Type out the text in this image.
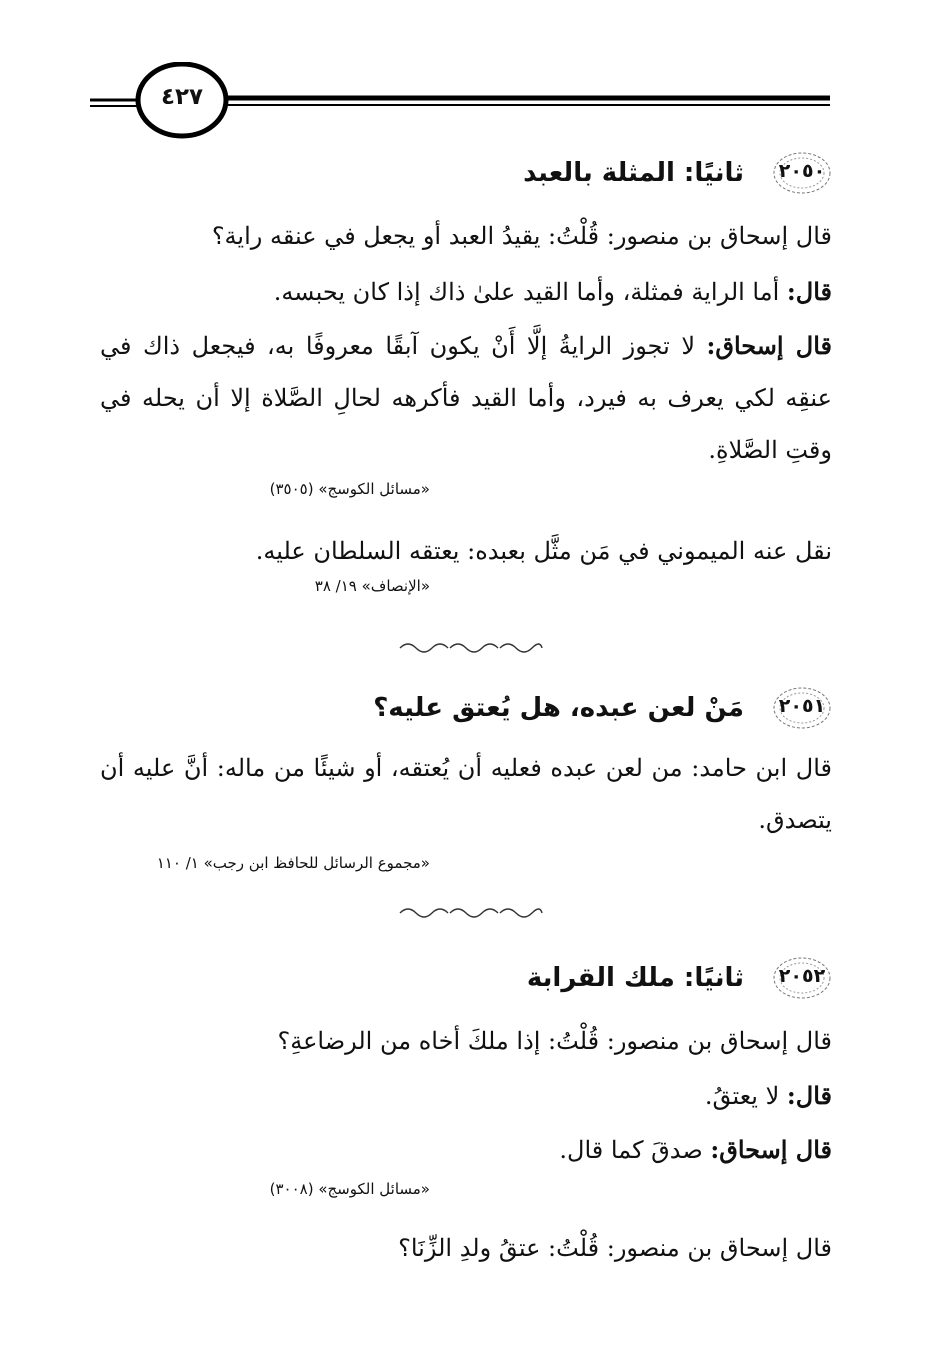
٤٢٧
٢٠٥٠
ثانيًا: المثلة بالعبد
قال إسحاق بن منصور: قُلْتُ: يقيدُ العبد أو يجعل في عنقه راية؟
قال: أما الراية فمثلة، وأما القيد علىٰ ذاك إذا كان يحبسه.
قال إسحاق: لا تجوز الرايةُ إلَّا أَنْ يكون آبقًا معروفًا به، فيجعل ذاك في عنقِه لكي يعرف به فيرد، وأما القيد فأكرهه لحالِ الصَّلاة إلا أن يحله في وقتِ الصَّلاةِ.
«مسائل الكوسج» (٣٥٠٥)
نقل عنه الميموني في مَن مثَّل بعبده: يعتقه السلطان عليه.
«الإنصاف» ١٩/ ٣٨
٢٠٥١
مَنْ لعن عبده، هل يُعتق عليه؟
قال ابن حامد: من لعن عبده فعليه أن يُعتقه، أو شيئًا من ماله: أنَّ عليه أن يتصدق.
«مجموع الرسائل للحافظ ابن رجب» ١/ ١١٠
٢٠٥٢
ثانيًا: ملك القرابة
قال إسحاق بن منصور: قُلْتُ: إذا ملكَ أخاه من الرضاعةِ؟
قال: لا يعتقُ.
قال إسحاق: صدقَ كما قال.
«مسائل الكوسج» (٣٠٠٨)
قال إسحاق بن منصور: قُلْتُ: عتقُ ولدِ الزِّنَا؟
